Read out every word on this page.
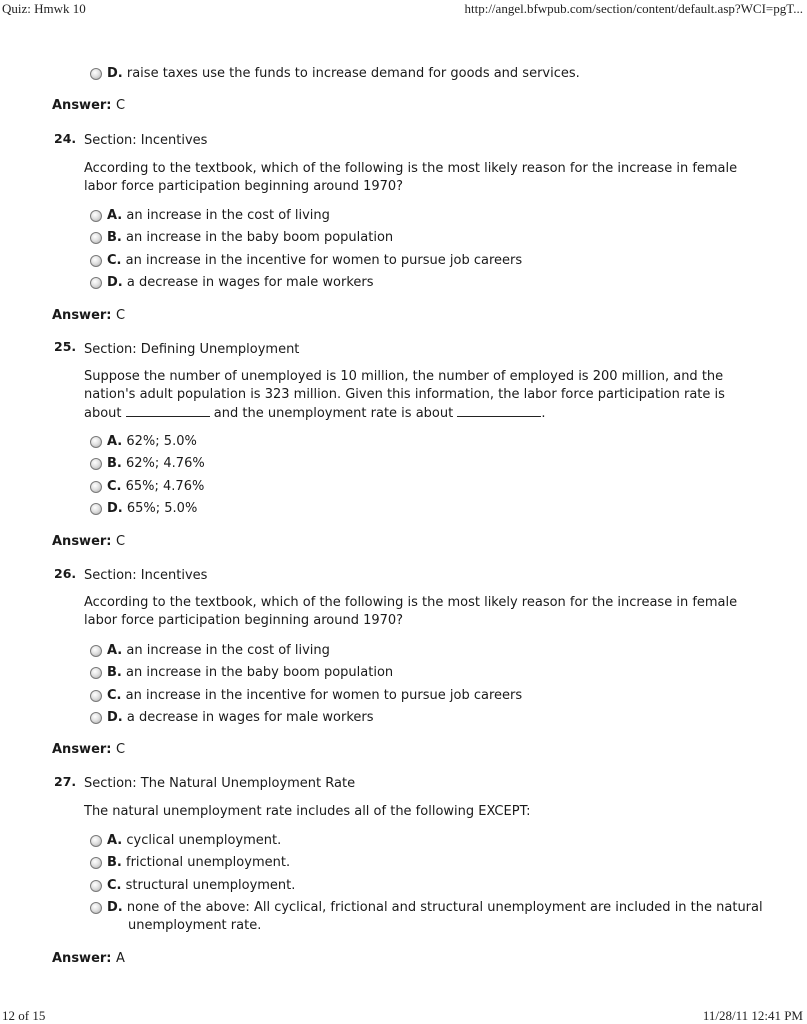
Quiz: Hmwk 10	http://angel.bfwpub.com/section/content/default.asp?WCI=pgT...
D. raise taxes use the funds to increase demand for goods and services.
Answer: C
24. Section: Incentives
According to the textbook, which of the following is the most likely reason for the increase in female labor force participation beginning around 1970?
A. an increase in the cost of living
B. an increase in the baby boom population
C. an increase in the incentive for women to pursue job careers
D. a decrease in wages for male workers
Answer: C
25. Section: Defining Unemployment
Suppose the number of unemployed is 10 million, the number of employed is 200 million, and the nation's adult population is 323 million. Given this information, the labor force participation rate is about	and the unemployment rate is about	.
A. 62%; 5.0%
B. 62%; 4.76%
C. 65%; 4.76%
D. 65%; 5.0%
Answer: C
26. Section: Incentives
According to the textbook, which of the following is the most likely reason for the increase in female labor force participation beginning around 1970?
A. an increase in the cost of living
B. an increase in the baby boom population
C. an increase in the incentive for women to pursue job careers
D. a decrease in wages for male workers
Answer: C
27. Section: The Natural Unemployment Rate
The natural unemployment rate includes all of the following EXCEPT:
A. cyclical unemployment.
B. frictional unemployment.
C. structural unemployment.
D. none of the above: All cyclical, frictional and structural unemployment are included in the natural unemployment rate.
Answer: A
12 of 15	11/28/11 12:41 PM
